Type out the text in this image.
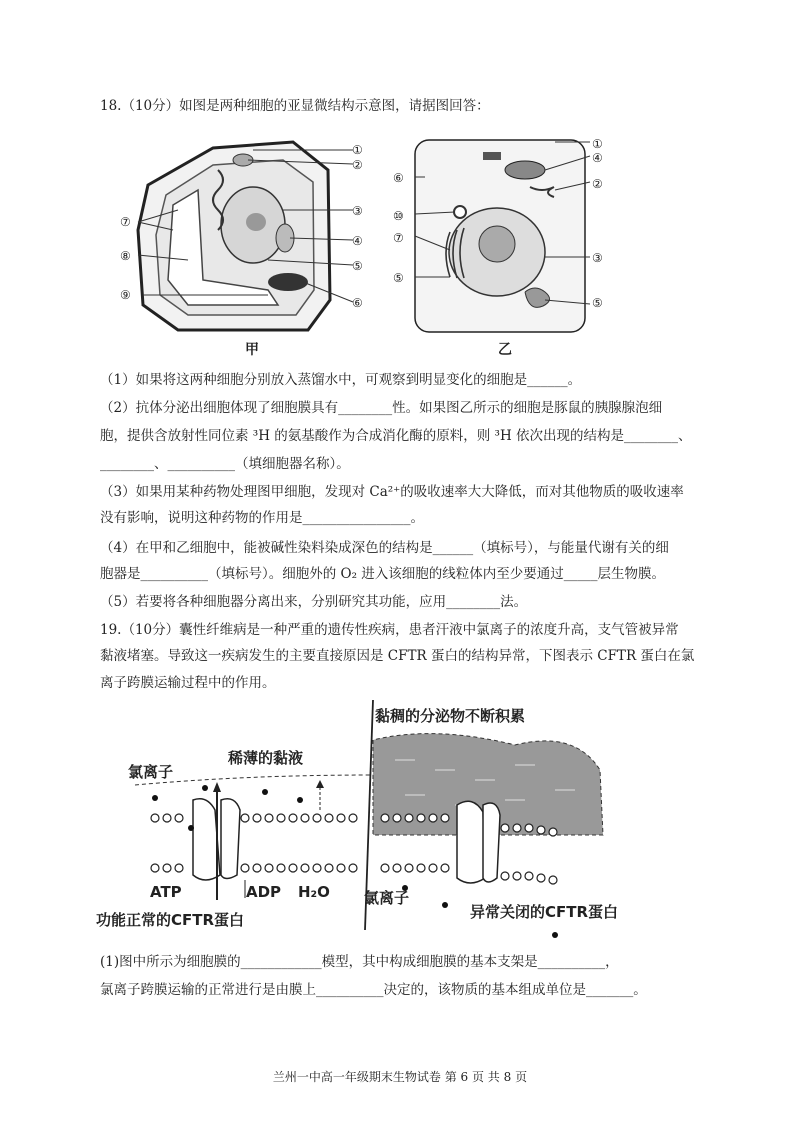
18.（10分）如图是两种细胞的亚显微结构示意图，请据图回答：
①
②
③
④
⑤
⑥
⑦
⑧
⑨
甲
①
④
②
⑥
⑩
⑦
③
⑤
⑤
乙
（1）如果将这两种细胞分别放入蒸馏水中，可观察到明显变化的细胞是______。
（2）抗体分泌出细胞体现了细胞膜具有________性。如果图乙所示的细胞是豚鼠的胰腺腺泡细
胞，提供含放射性同位素 ³H 的氨基酸作为合成消化酶的原料，则 ³H 依次出现的结构是________、
________、__________（填细胞器名称）。
（3）如果用某种药物处理图甲细胞，发现对 Ca²⁺的吸收速率大大降低，而对其他物质的吸收速率
没有影响，说明这种药物的作用是________________。
（4）在甲和乙细胞中，能被碱性染料染成深色的结构是______（填标号），与能量代谢有关的细
胞器是__________（填标号）。细胞外的 O₂ 进入该细胞的线粒体内至少要通过_____层生物膜。
（5）若要将各种细胞器分离出来，分别研究其功能，应用________法。
19.（10分）囊性纤维病是一种严重的遗传性疾病，患者汗液中氯离子的浓度升高，支气管被异常
黏液堵塞。导致这一疾病发生的主要直接原因是 CFTR 蛋白的结构异常，下图表示 CFTR 蛋白在氯
离子跨膜运输过程中的作用。
黏稠的分泌物不断积累
稀薄的黏液
氯离子
氯离子
ATP	ADP H₂O
功能正常的CFTR蛋白	异常关闭的CFTR蛋白
(1)图中所示为细胞膜的____________模型，其中构成细胞膜的基本支架是__________，
氯离子跨膜运输的正常进行是由膜上__________决定的，该物质的基本组成单位是_______。
兰州一中高一年级期末生物试卷 第 6 页 共 8 页
